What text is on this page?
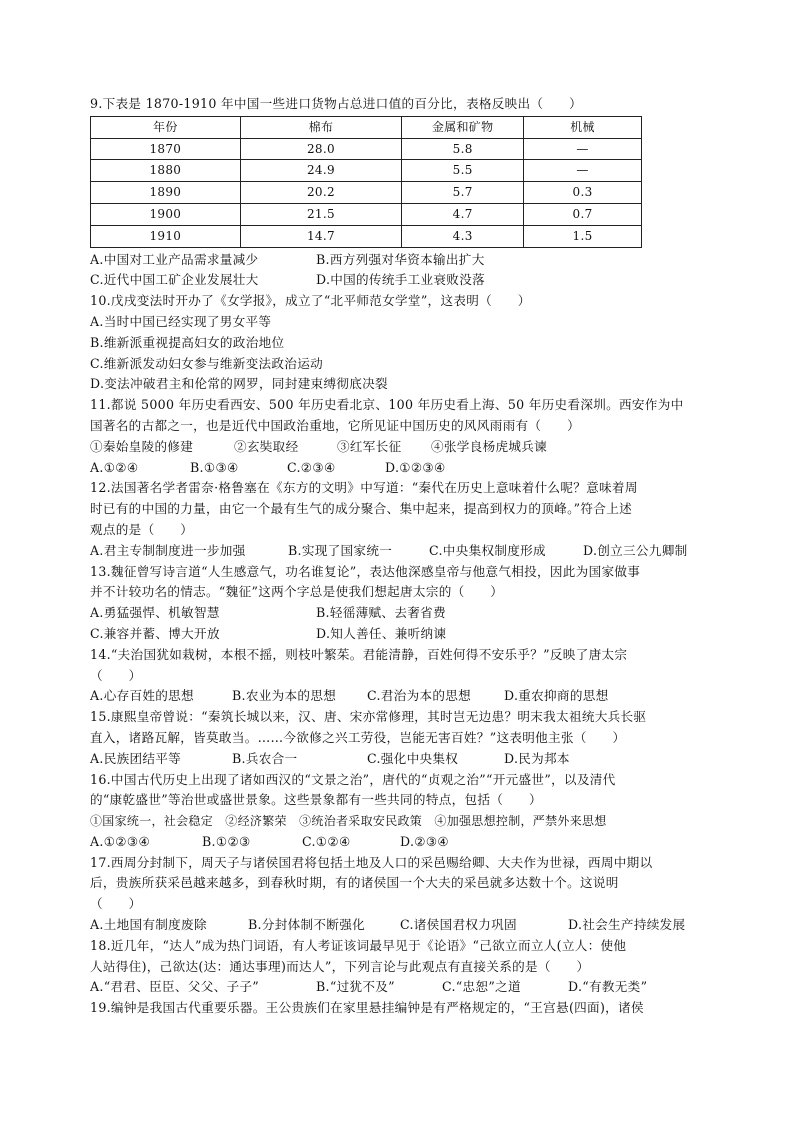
9.下表是 1870-1910 年中国一些进口货物占总进口值的百分比，表格反映出（　　）
年份	棉布	金属和矿物	机械
1870	28.0	5.8	—
1880	24.9	5.5	—
1890	20.2	5.7	0.3
1900	21.5	4.7	0.7
1910	14.7	4.3	1.5
A.中国对工业产品需求量减少	B.西方列强对华资本输出扩大
C.近代中国工矿企业发展壮大	D.中国的传统手工业衰败没落
10.戊戌变法时开办了《女学报》，成立了“北平师范女学堂”，这表明（　　）
A.当时中国已经实现了男女平等
B.维新派重视提高妇女的政治地位
C.维新派发动妇女参与维新变法政治运动
D.变法冲破君主和伦常的网罗，同封建束缚彻底决裂
11.都说 5000 年历史看西安、500 年历史看北京、100 年历史看上海、50 年历史看深圳。西安作为中
国著名的古都之一，也是近代中国政治重地，它所见证中国历史的风风雨雨有（　　）
①秦始皇陵的修建	②玄奘取经	③红军长征	④张学良杨虎城兵谏
A.①②④	B.①③④	C.②③④	D.①②③④
12.法国著名学者雷奈·格鲁塞在《东方的文明》中写道：“秦代在历史上意味着什么呢？意味着周
时已有的中国的力量，由它一个最有生气的成分聚合、集中起来，提高到权力的顶峰。”符合上述
观点的是（　　）
A.君主专制制度进一步加强	B.实现了国家统一	C.中央集权制度形成	D.创立三公九卿制
13.魏征曾写诗言道“人生感意气，功名谁复论”，表达他深感皇帝与他意气相投，因此为国家做事
并不计较功名的情志。“魏征”这两个字总是使我们想起唐太宗的（　　）
A.勇猛强悍、机敏智慧	B.轻徭薄赋、去奢省费
C.兼容并蓄、博大开放	D.知人善任、兼听纳谏
14.“夫治国犹如栽树，本根不摇，则枝叶繁茱。君能清静，百姓何得不安乐乎？”反映了唐太宗
（　　）
A.心存百姓的思想	B.农业为本的思想	C.君治为本的思想	D.重农抑商的思想
15.康熙皇帝曾说：“秦筑长城以来，汉、唐、宋亦常修理，其时岂无边患？明末我太祖统大兵长驱
直入，诸路瓦解，皆莫敢当。……今欲修之兴工劳役，岂能无害百姓？”这表明他主张（　　）
A.民族团结平等	B.兵农合一	C.强化中央集权	D.民为邦本
16.中国古代历史上出现了诸如西汉的“文景之治”，唐代的“贞观之治”“开元盛世”，以及清代
的“康乾盛世”等治世或盛世景象。这些景象都有一些共同的特点，包括（　　）
①国家统一，社会稳定　②经济繁荣　③统治者采取安民政策　④加强思想控制，严禁外来思想
A.①②③④	B.①②③	C.①②④	D.②③④
17.西周分封制下，周天子与诸侯国君将包括土地及人口的采邑赐给卿、大夫作为世禄，西周中期以
后，贵族所获采邑越来越多，到春秋时期，有的诸侯国一个大夫的采邑就多达数十个。这说明
（　　）
A.土地国有制度废除	B.分封体制不断强化	C.诸侯国君权力巩固	D.社会生产持续发展
18.近几年，“达人”成为热门词语，有人考证该词最早见于《论语》“己欲立而立人(立人：使他
人站得住)，己欲达(达：通达事理)而达人”，下列言论与此观点有直接关系的是（　　）
A.“君君、臣臣、父父、子子”	B.“过犹不及”	C.“忠恕”之道	D.“有教无类”
19.编钟是我国古代重要乐器。王公贵族们在家里悬挂编钟是有严格规定的，“王宫悬(四面)，诸侯
